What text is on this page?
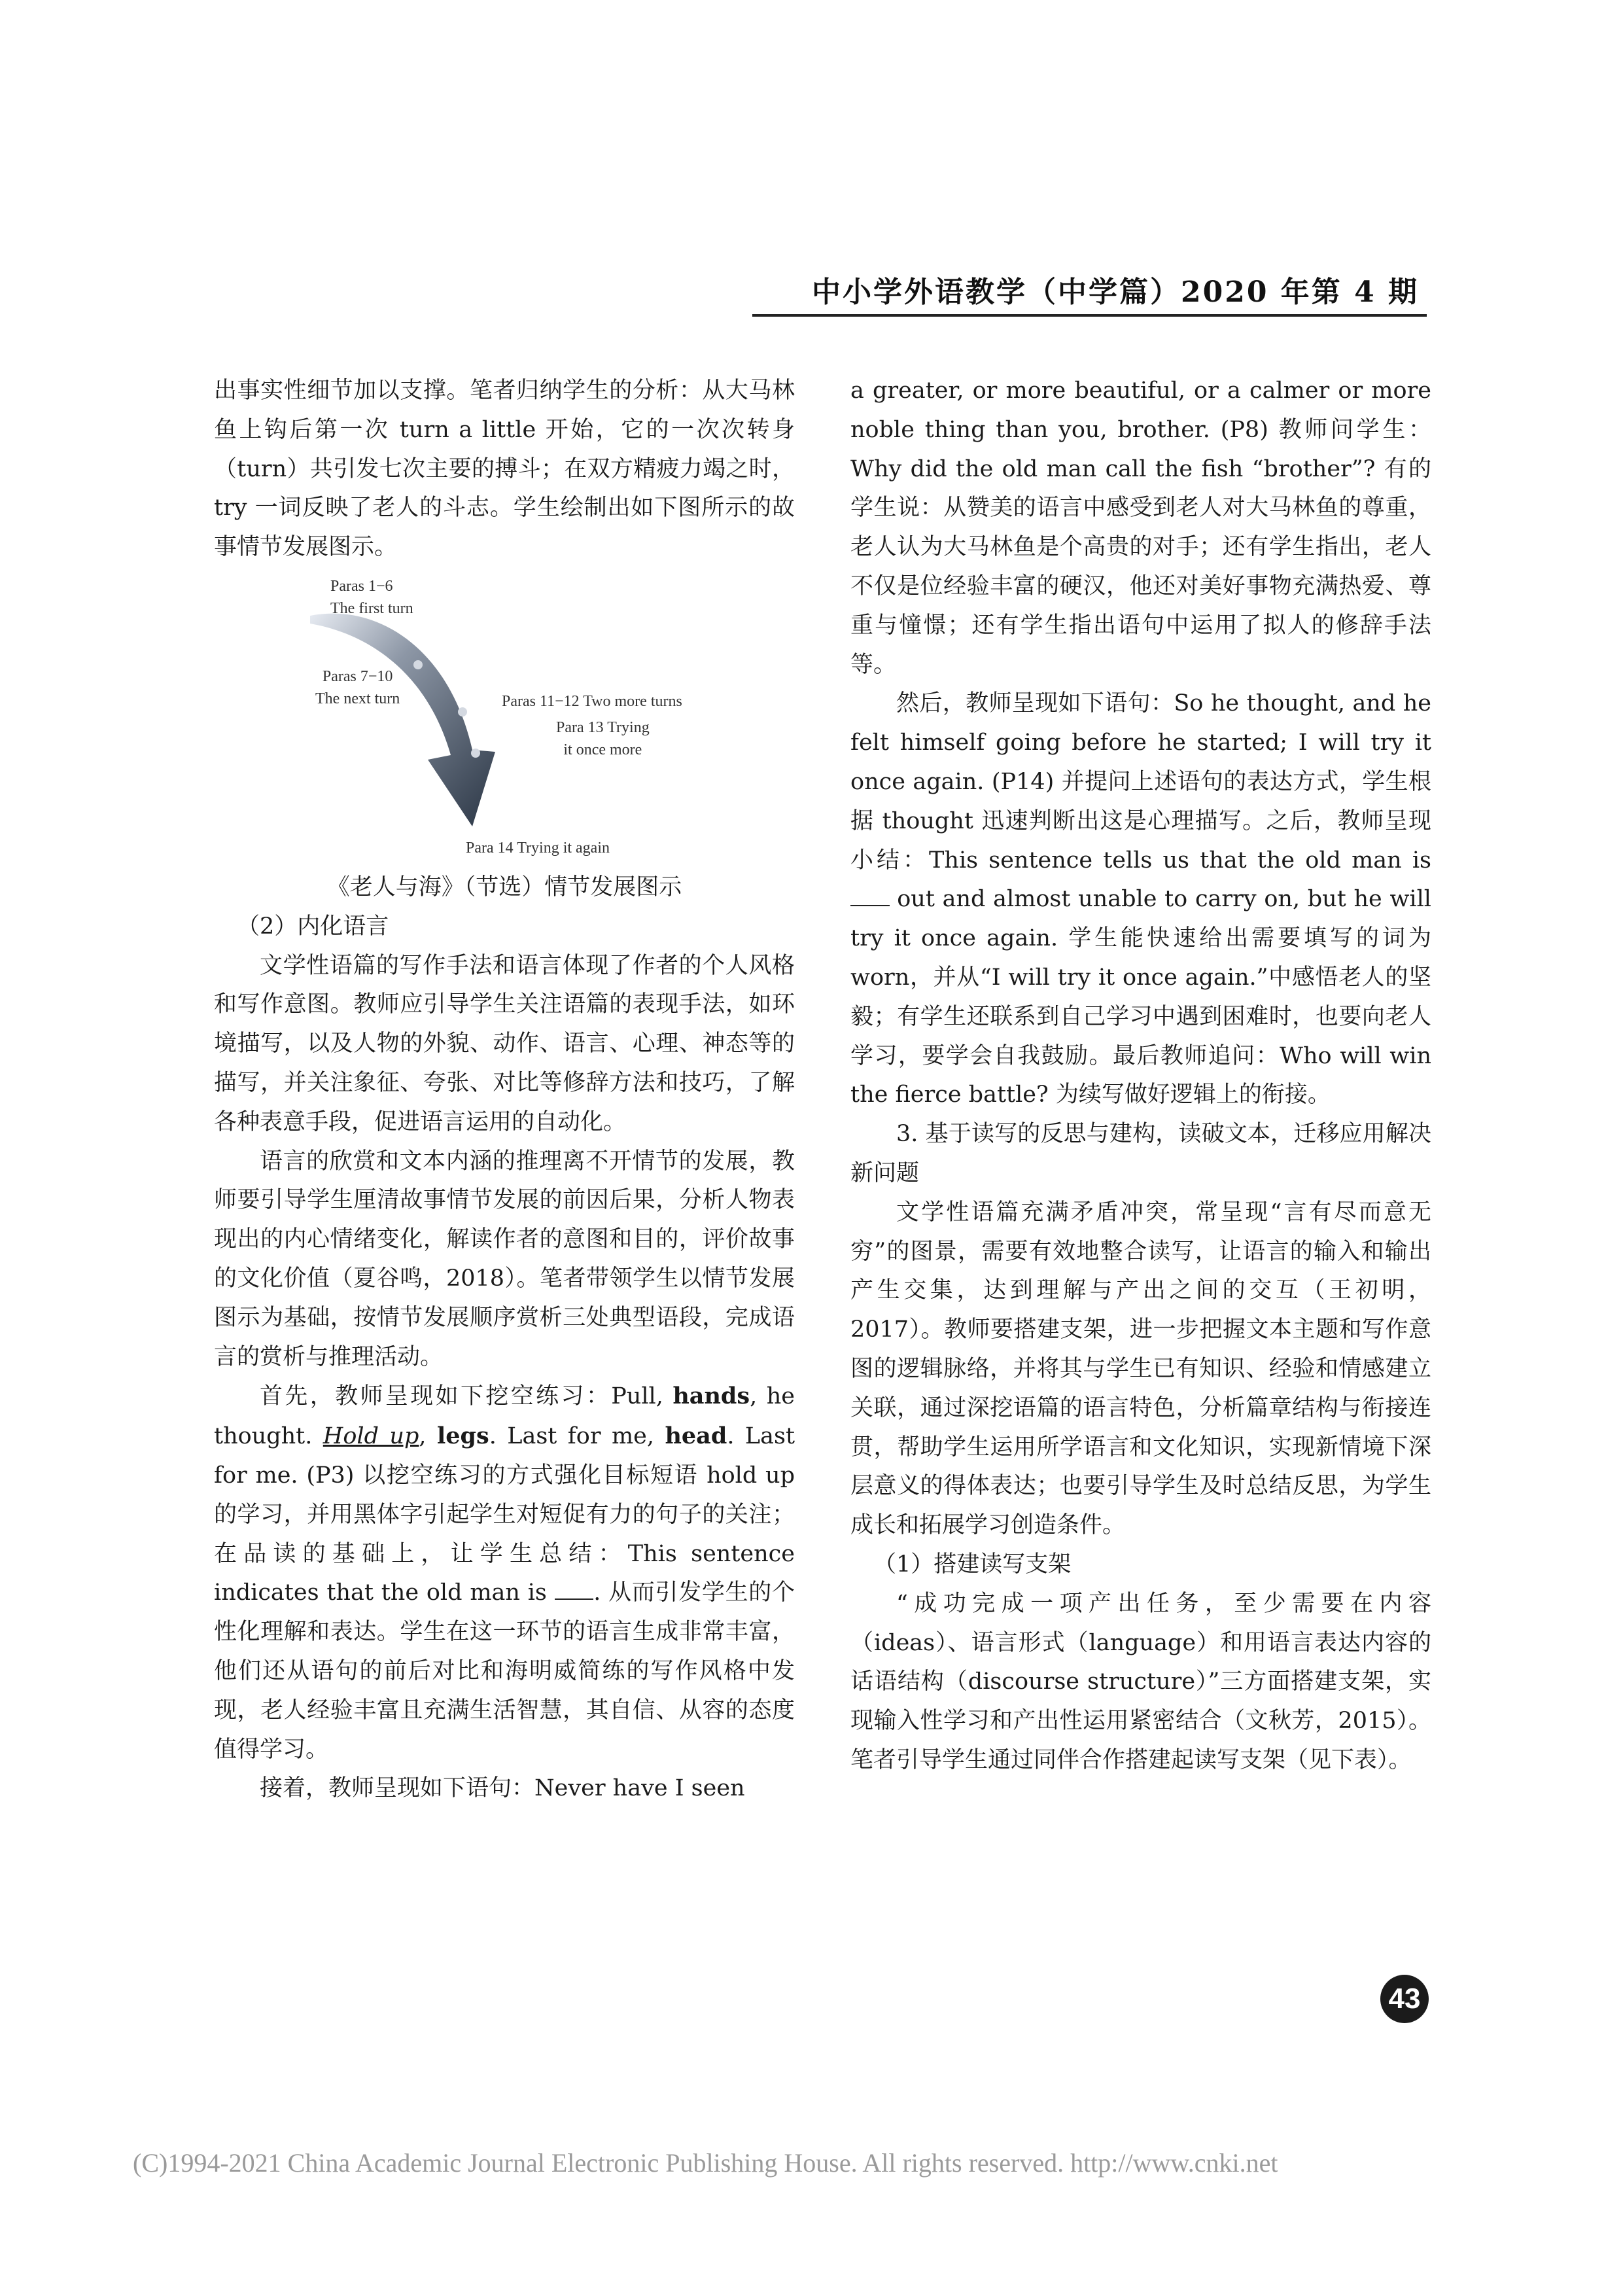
中小学外语教学（中学篇）2020 年第 4 期

出事实性细节加以支撑。笔者归纳学生的分析：从大马林鱼上钩后第一次 turn a little 开始，它的一次次转身（turn）共引发七次主要的搏斗；在双方精疲力竭之时，try 一词反映了老人的斗志。学生绘制出如下图所示的故事情节发展图示。

Paras 1−6
The first turn
Paras 7−10
The next turn	Paras 11−12 Two more turns
Para 13 Trying
it once more
Para 14 Trying it again

《老人与海》（节选）情节发展图示

（2）内化语言

文学性语篇的写作手法和语言体现了作者的个人风格和写作意图。教师应引导学生关注语篇的表现手法，如环境描写，以及人物的外貌、动作、语言、心理、神态等的描写，并关注象征、夸张、对比等修辞方法和技巧，了解各种表意手段，促进语言运用的自动化。

语言的欣赏和文本内涵的推理离不开情节的发展，教师要引导学生厘清故事情节发展的前因后果，分析人物表现出的内心情绪变化，解读作者的意图和目的，评价故事的文化价值（夏谷鸣，2018）。笔者带领学生以情节发展图示为基础，按情节发展顺序赏析三处典型语段，完成语言的赏析与推理活动。

首先，教师呈现如下挖空练习：Pull, hands, he thought. Hold up, legs. Last for me, head. Last for me. (P3) 以挖空练习的方式强化目标短语 hold up 的学习，并用黑体字引起学生对短促有力的句子的关注；在品读的基础上，让学生总结：This sentence indicates that the old man is . 从而引发学生的个性化理解和表达。学生在这一环节的语言生成非常丰富，他们还从语句的前后对比和海明威简练的写作风格中发现，老人经验丰富且充满生活智慧，其自信、从容的态度值得学习。

接着，教师呈现如下语句：Never have I seen

a greater, or more beautiful, or a calmer or more noble thing than you, brother. (P8) 教师问学生：Why did the old man call the fish “brother”? 有的学生说：从赞美的语言中感受到老人对大马林鱼的尊重，老人认为大马林鱼是个高贵的对手；还有学生指出，老人不仅是位经验丰富的硬汉，他还对美好事物充满热爱、尊重与憧憬；还有学生指出语句中运用了拟人的修辞手法等。

然后，教师呈现如下语句：So he thought, and he felt himself going before he started; I will try it once again. (P14) 并提问上述语句的表达方式，学生根据 thought 迅速判断出这是心理描写。之后，教师呈现小结：This sentence tells us that the old man is  out and almost unable to carry on, but he will try it once again. 学生能快速给出需要填写的词为 worn，并从“I will try it once again.”中感悟老人的坚毅；有学生还联系到自己学习中遇到困难时，也要向老人学习，要学会自我鼓励。最后教师追问：Who will win the fierce battle? 为续写做好逻辑上的衔接。

3. 基于读写的反思与建构，读破文本，迁移应用解决新问题

文学性语篇充满矛盾冲突，常呈现“言有尽而意无穷”的图景，需要有效地整合读写，让语言的输入和输出产生交集，达到理解与产出之间的交互（王初明，2017）。教师要搭建支架，进一步把握文本主题和写作意图的逻辑脉络，并将其与学生已有知识、经验和情感建立关联，通过深挖语篇的语言特色，分析篇章结构与衔接连贯，帮助学生运用所学语言和文化知识，实现新情境下深层意义的得体表达；也要引导学生及时总结反思，为学生成长和拓展学习创造条件。

（1）搭建读写支架

“成功完成一项产出任务，至少需要在内容（ideas）、语言形式（language）和用语言表达内容的话语结构（discourse structure）”三方面搭建支架，实现输入性学习和产出性运用紧密结合（文秋芳，2015）。笔者引导学生通过同伴合作搭建起读写支架（见下表）。

43
(C)1994-2021 China Academic Journal Electronic Publishing House. All rights reserved. http://www.cnki.net
